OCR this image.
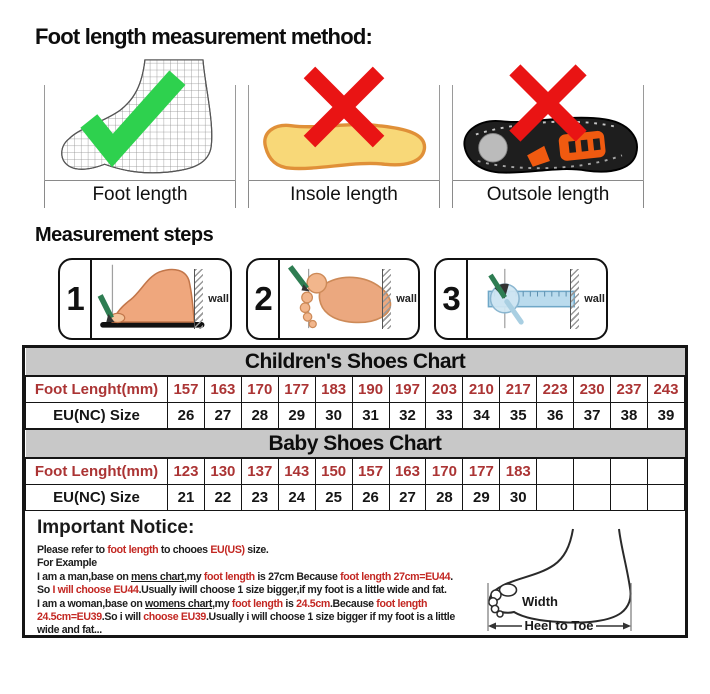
Foot length measurement method:
Foot length	Insole length	Outsole length
Measurement steps
1	wall 2	wall 3	wall
Children's Shoes Chart														
Foot Lenght(mm)	157	163	170	177	183	190	197	203	210	217	223	230	237	243
EU(NC) Size	26	27	28	29	30	31	32	33	34	35	36	37	38	39
Baby Shoes Chart														
Foot Lenght(mm)	123	130	137	143	150	157	163	170	177	183				
EU(NC) Size	21	22	23	24	25	26	27	28	29	30				
Important Notice:
Please refer to foot length to chooes EU(US) size.
For Example
I am a man,base on mens chart,my foot length is 27cm Because foot length 27cm=EU44.
So I will choose EU44.Usually iwill choose 1 size bigger,if my foot is a little wide and fat.
I am a woman,base on womens chart,my foot length is 24.5cm.Because foot length
24.5cm=EU39.So i will choose EU39.Usually i will choose 1 size bigger if my foot is a little
wide and fat...
Width
Heel to Toe
